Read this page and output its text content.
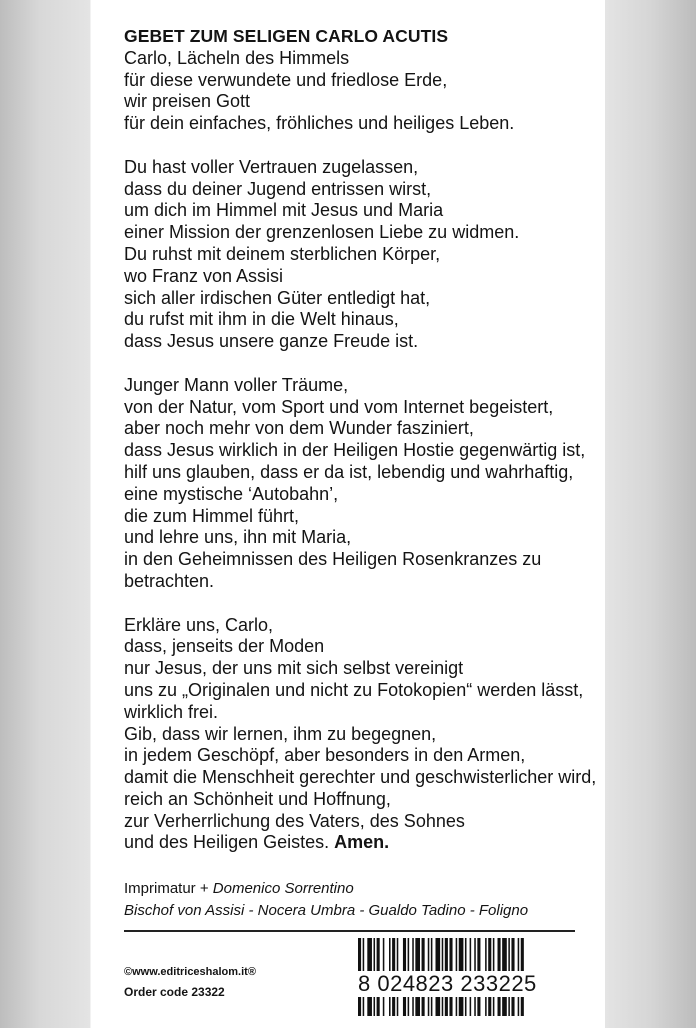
GEBET ZUM SELIGEN CARLO ACUTIS
Carlo, Lächeln des Himmels
für diese verwundete und friedlose Erde,
wir preisen Gott
für dein einfaches, fröhliches und heiliges Leben.
Du hast voller Vertrauen zugelassen,
dass du deiner Jugend entrissen wirst,
um dich im Himmel mit Jesus und Maria
einer Mission der grenzenlosen Liebe zu widmen.
Du ruhst mit deinem sterblichen Körper,
wo Franz von Assisi
sich aller irdischen Güter entledigt hat,
du rufst mit ihm in die Welt hinaus,
dass Jesus unsere ganze Freude ist.
Junger Mann voller Träume,
von der Natur, vom Sport und vom Internet begeistert,
aber noch mehr von dem Wunder fasziniert,
dass Jesus wirklich in der Heiligen Hostie gegenwärtig ist,
hilf uns glauben, dass er da ist, lebendig und wahrhaftig,
eine mystische ‘Autobahn’,
die zum Himmel führt,
und lehre uns, ihn mit Maria,
in den Geheimnissen des Heiligen Rosenkranzes zu
betrachten.
Erkläre uns, Carlo,
dass, jenseits der Moden
nur Jesus, der uns mit sich selbst vereinigt
uns zu „Originalen und nicht zu Fotokopien“ werden lässt,
wirklich frei.
Gib, dass wir lernen, ihm zu begegnen,
in jedem Geschöpf, aber besonders in den Armen,
damit die Menschheit gerechter und geschwisterlicher wird,
reich an Schönheit und Hoffnung,
zur Verherrlichung des Vaters, des Sohnes
und des Heiligen Geistes. Amen.
Imprimatur + Domenico Sorrentino
Bischof von Assisi - Nocera Umbra - Gualdo Tadino - Foligno
©www.editriceshalom.it®
Order code 23322	8 024823 233225
